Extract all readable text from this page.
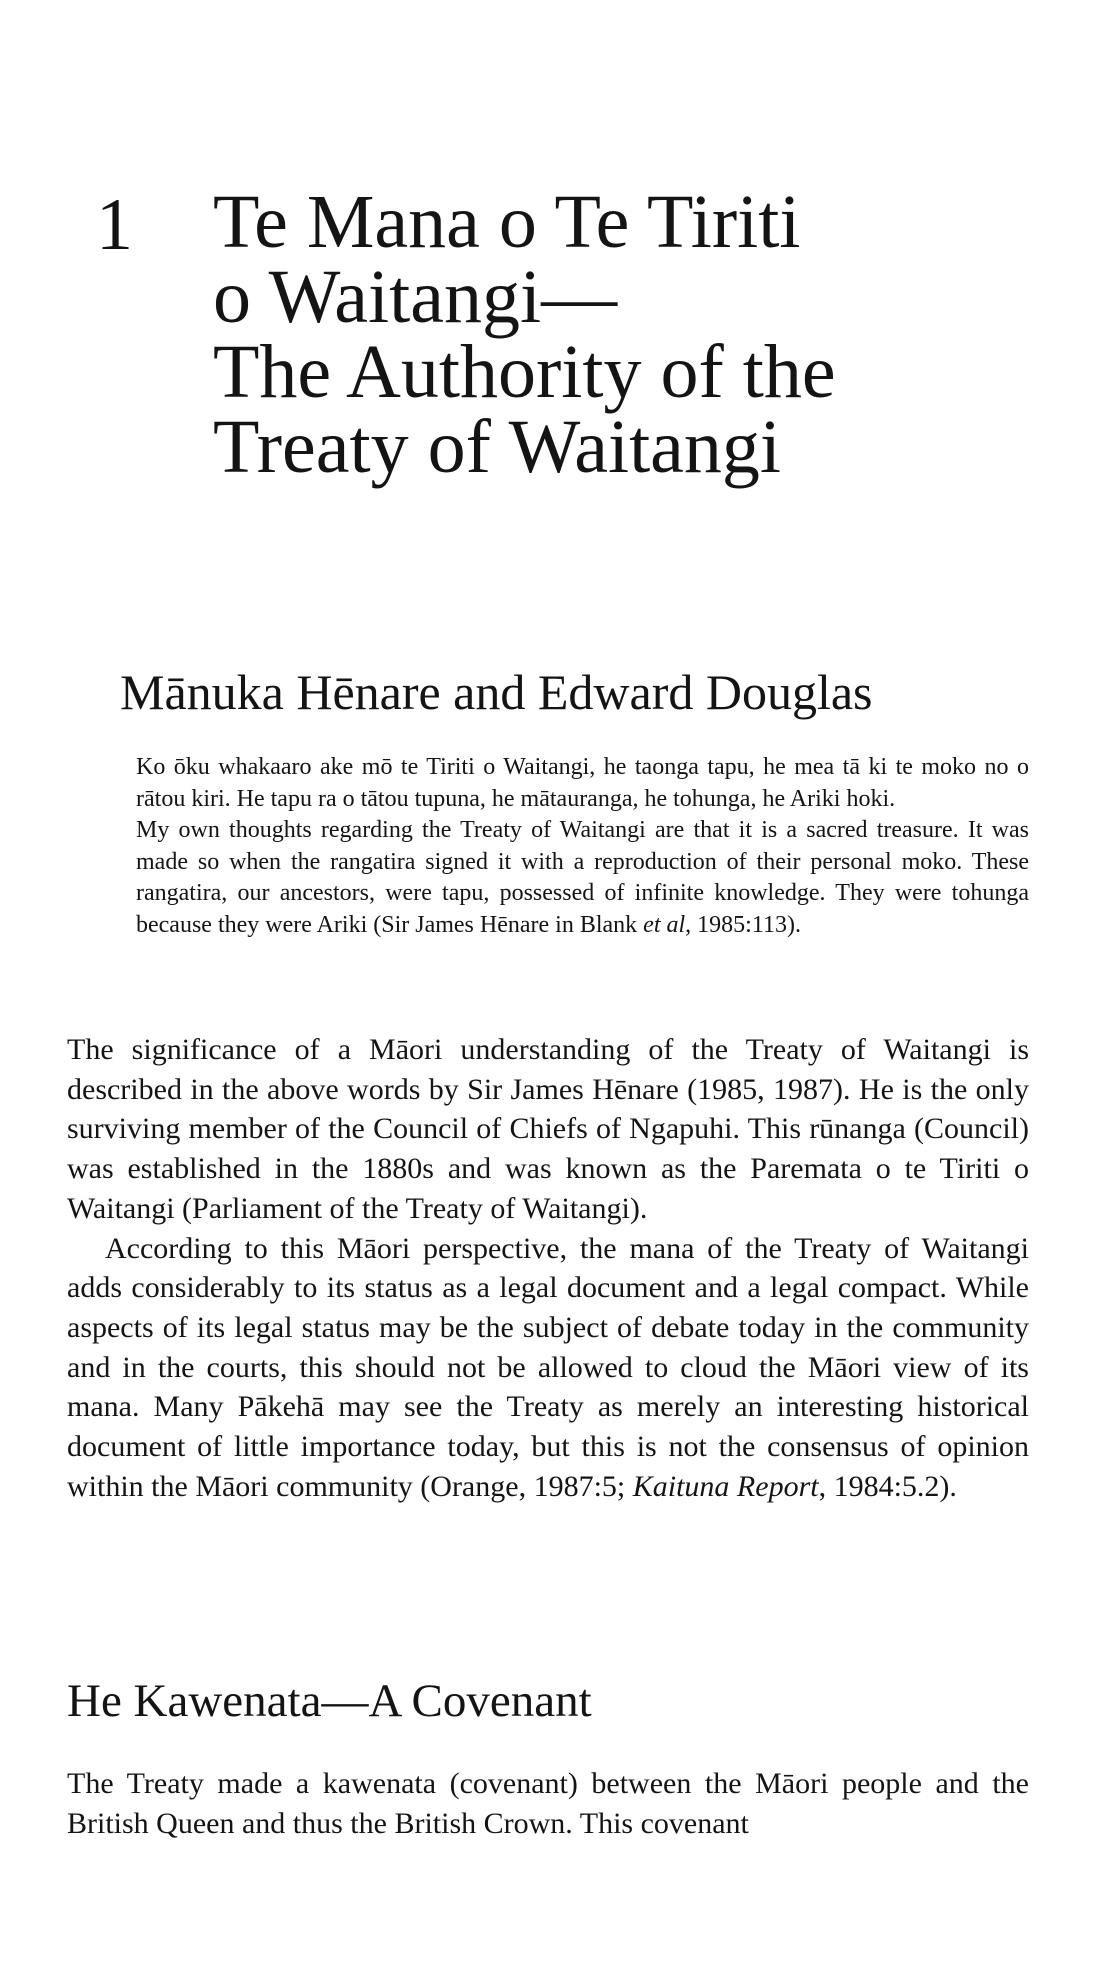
1 Te Mana o Te Tiriti
o Waitangi—
The Authority of the
Treaty of Waitangi
Mānuka Hēnare and Edward Douglas

Ko ōku whakaaro ake mō te Tiriti o Waitangi, he taonga tapu, he mea tā ki te moko no o rātou kiri. He tapu ra o tātou tupuna, he mātauranga, he tohunga, he Ariki hoki.

My own thoughts regarding the Treaty of Waitangi are that it is a sacred treasure. It was made so when the rangatira signed it with a reproduction of their personal moko. These rangatira, our ancestors, were tapu, possessed of infinite knowledge. They were tohunga because they were Ariki (Sir James Hēnare in Blank et al, 1985:113).

The significance of a Māori understanding of the Treaty of Waitangi is described in the above words by Sir James Hēnare (1985, 1987). He is the only surviving member of the Council of Chiefs of Ngapuhi. This rūnanga (Council) was established in the 1880s and was known as the Paremata o te Tiriti o Waitangi (Parliament of the Treaty of Waitangi).

According to this Māori perspective, the mana of the Treaty of Waitangi adds considerably to its status as a legal document and a legal compact. While aspects of its legal status may be the subject of debate today in the community and in the courts, this should not be allowed to cloud the Māori view of its mana. Many Pākehā may see the Treaty as merely an interesting historical document of little importance today, but this is not the consensus of opinion within the Māori community (Orange, 1987:5; Kaituna Report, 1984:5.2).

He Kawenata—A Covenant

The Treaty made a kawenata (covenant) between the Māori people and the British Queen and thus the British Crown. This covenant
